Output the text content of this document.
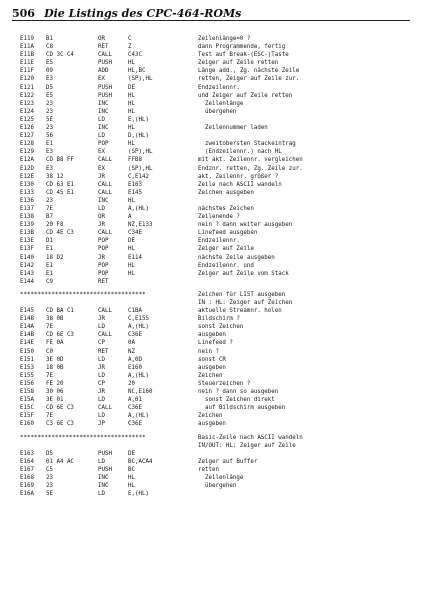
506 Die Listings des CPC-464-ROMs
E119 B1	OR	C	Zeilenlänge=0 ?
E11A C8	RET	Z	dann Programmende, fertig
E11B CD 3C C4	CALL	C43C	Test auf Break-(ESC-)Taste
E11E E5	PUSH	HL	Zeiger auf Zeile retten
E11F 09	ADD	HL,BC	Länge add., Zg. nächste Zeile
E120 E3	EX	(SP),HL	retten, Zeiger auf Zeile zur.
E121 D5	PUSH	DE	Endzeilennr.
E122 E5	PUSH	HL	und Zeiger auf Zeile retten
E123 23	INC	HL	Zeilenlänge
E124 23	INC	HL	übergehen
E125 5E	LD	E,(HL)
E126 23	INC	HL	Zeilennummer laden
E127 56	LD	D,(HL)
E128 E1	POP	HL	zweitobersten Stackeintrag
E129 E3	EX	(SP),HL	(Endzeilennr.) nach HL
E12A CD B8 FF	CALL	FFB8	mit akt. Zeilennr. vergleichen
E12D E3	EX	(SP),HL	Endznr. retten, Zg. Zeile zur.
E12E 38 12	JR	C,E142	akt. Zeilennr. größer ?
E130 CD 63 E1	CALL	E163	Zeile nach ASCII wandeln
E133 CD 45 E1	CALL	E145	Zeichen ausgeben
E136 23	INC	HL
E137 7E	LD	A,(HL)	nächstes Zeichen
E138 B7	OR	A	Zeilenende ?
E139 20 F8	JR	NZ,E133	nein ? dann weiter ausgeben
E13B CD 4E C3	CALL	C34E	Linefeed ausgeben
E13E D1	POP	DE	Endzeilennr.
E13F E1	POP	HL	Zeiger auf Zeile
E140 18 D2	JR	E114	nächste Zeile ausgeben
E142 E1	POP	HL	Endzeilennr. und
E143 E1	POP	HL	Zeiger auf Zeile vom Stack
E144 C9	RET
************************************	Zeichen für LIST ausgeben
IN : HL: Zeiger auf Zeichen
E145 CD BA C1	CALL	C1BA	aktuelle Streamnr. holen
E148 38 0B	JR	C,E155	Bildschirm ?
E14A 7E	LD	A,(HL)	sonst Zeichen
E14B CD 6E C3	CALL	C36E	ausgeben
E14E FE 0A	CP	0A	Linefeed ?
E150 C0	RET	NZ	nein ?
E151 3E 0D	LD	A,0D	sonst CR
E153 18 0B	JR	E160	ausgeben
E155 7E	LD	A,(HL)	Zeichen
E156 FE 20	CP	20	Steuerzeichen ?
E158 30 06	JR	NC,E160	nein ? dann so ausgeben
E15A 3E 01	LD	A,01	sonst Zeichen direkt
E15C CD 6E C3	CALL	C36E	auf Bildschirm ausgeben
E15F 7E	LD	A,(HL)	Zeichen
E160 C3 6E C3	JP	C36E	ausgeben
************************************	Basic-Zeile nach ASCII wandeln
IN/OUT: HL: Zeiger auf Zeile
E163 D5	PUSH	DE
E164 01 A4 AC	LD	BC,ACA4	Zeiger auf Buffer
E167 C5	PUSH	BC	retten
E168 23	INC	HL	Zeilenlänge
E169 23	INC	HL	übergehen
E16A 5E	LD	E,(HL)
